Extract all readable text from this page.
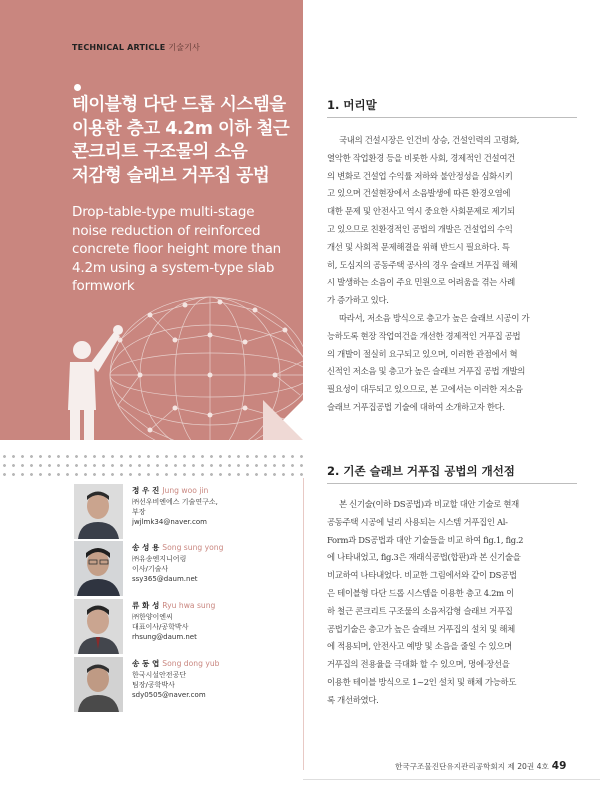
TECHNICAL ARTICLE 기술기사
테이블형 다단 드롭 시스템을
이용한 층고 4.2m 이하 철근
콘크리트 구조물의 소음
저감형 슬래브 거푸집 공법
Drop-table-type multi-stage
noise reduction of reinforced
concrete floor height more than
4.2m using a system-type slab
formwork
정 우 진 Jung woo jin
㈜선우비엔에스 기술연구소,
부장
jwjlmk34@naver.com
송 성 용 Song sung yong
㈜유송엔지니어링
이사/기술사
ssy365@daum.net
류 화 성 Ryu hwa sung
㈜한양이엔씨
대표이사/공학박사
rhsung@daum.net
송 동 엽 Song dong yub
한국시설안전공단
팀장/공학박사
sdy0505@naver.com
1. 머리말
국내의 건설시장은 인건비 상승, 건설인력의 고령화,
열악한 작업환경 등을 비롯한 사회, 경제적인 건설여건
의 변화로 건설업 수익률 저하와 불안정성을 심화시키
고 있으며 건설현장에서 소음발생에 따른 환경오염에
대한 문제 및 안전사고 역시 중요한 사회문제로 제기되
고 있으므로 친환경적인 공법의 개발은 건설업의 수익
개선 및 사회적 문제해결을 위해 반드시 필요하다. 특
히, 도심지의 공동주택 공사의 경우 슬래브 거푸집 해체
시 발생하는 소음이 주요 민원으로 어려움을 겪는 사례
가 증가하고 있다.
따라서, 저소음 방식으로 층고가 높은 슬래브 시공이 가
능하도록 현장 작업여건을 개선한 경제적인 거푸집 공법
의 개발이 절실히 요구되고 있으며, 이러한 관점에서 혁
신적인 저소음 및 층고가 높은 슬래브 거푸집 공법 개발의
필요성이 대두되고 있으므로, 본 고에서는 이러한 저소음
슬래브 거푸집공법 기술에 대하여 소개하고자 한다.
2. 기존 슬래브 거푸집 공법의 개선점
본 신기술(이하 DS공법)과 비교할 대안 기술로 현재
공동주택 시공에 널리 사용되는 시스템 거푸집인 Al-
Form과 DS공법과 대안 기술들을 비교 하여 fig.1, fig.2
에 나타내었고, fig.3은 재래식공법(합판)과 본 신기술을
비교하여 나타내었다. 비교한 그림에서와 같이 DS공법
은 테이블형 다단 드롭 시스템을 이용한 층고 4.2m 이
하 철근 콘크리트 구조물의 소음저감형 슬래브 거푸집
공법기술은 층고가 높은 슬래브 거푸집의 설치 및 해체
에 적용되며, 안전사고 예방 및 소음을 줄일 수 있으며
거푸집의 전용율을 극대화 할 수 있으며, 멍에·장선을
이용한 테이블 방식으로 1~2인 설치 및 해체 가능하도
록 개선하였다.
한국구조물진단유지관리공학회지 제 20권 4호 49
